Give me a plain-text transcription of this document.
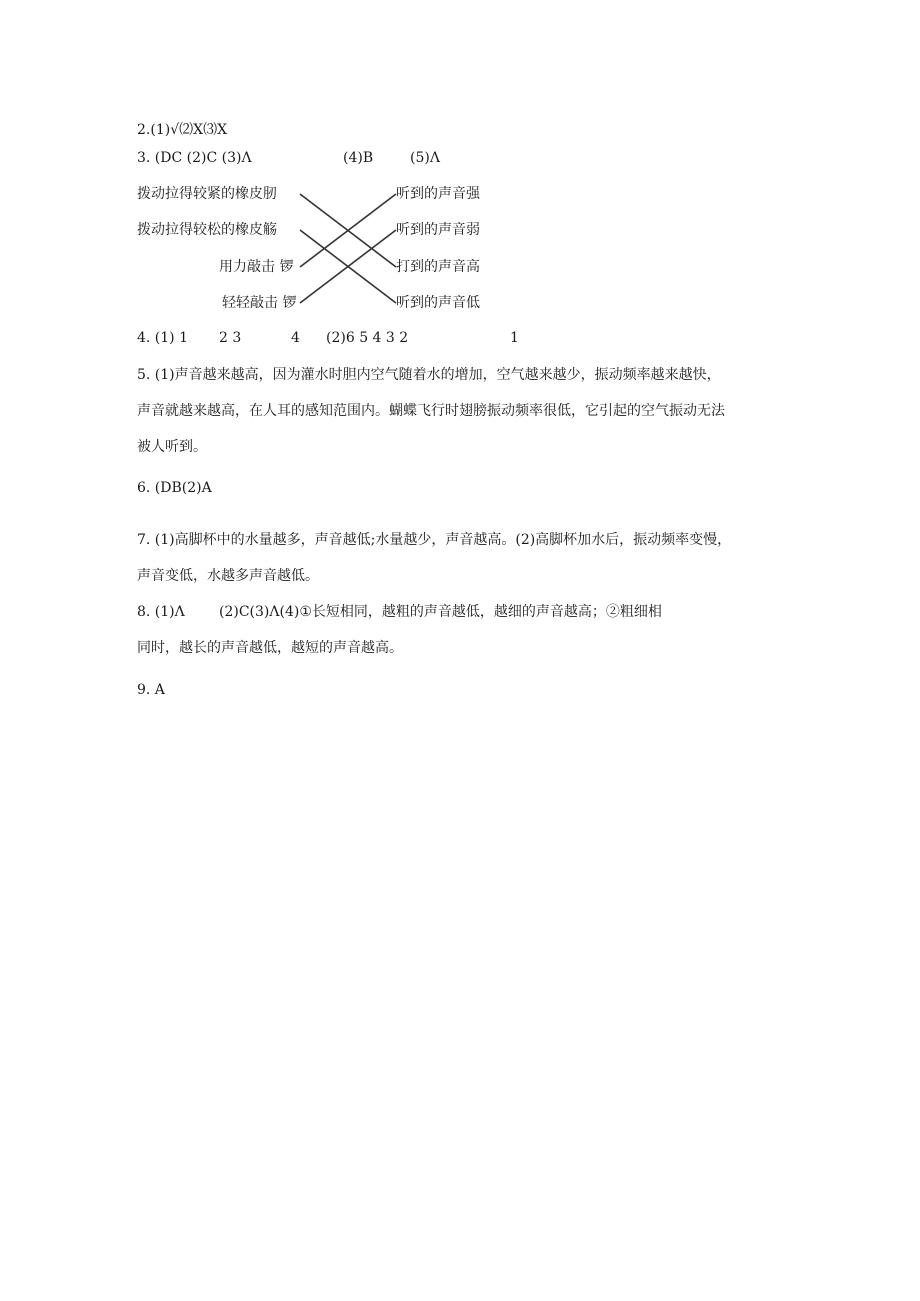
2.(1)√⑵X⑶X
3. (DC (2)C (3)Λ	(4)B	(5)Λ
拨动拉得较紧的橡皮肕
拨动拉得较松的橡皮觞
用力敲击 锣
轻轻敲击 锣
听到的声音强
听到的声音弱
打到的声音高
听到的声音低
4. (1) 1 2 3	4 (2)6 5 4 3 2	1
5. (1)声音越来越高，因为灌水时胆内空气随着水的增加，空气越来越少，振动频率越来越快，
声音就越来越高，在人耳的感知范围内。蝴蝶飞行时翅膀振动频率很低，它引起的空气振动无法
被人听到。
6. (DB(2)A
7. (1)高脚杯中的水量越多，声音越低;水量越少，声音越高。(2)高脚杯加水后，振动频率变慢，
声音变低，水越多声音越低。
8. (1)Λ (2)C(3)Λ(4)①长短相同，越粗的声音越低，越细的声音越高；②粗细相
同时，越长的声音越低，越短的声音越高。
9. A
